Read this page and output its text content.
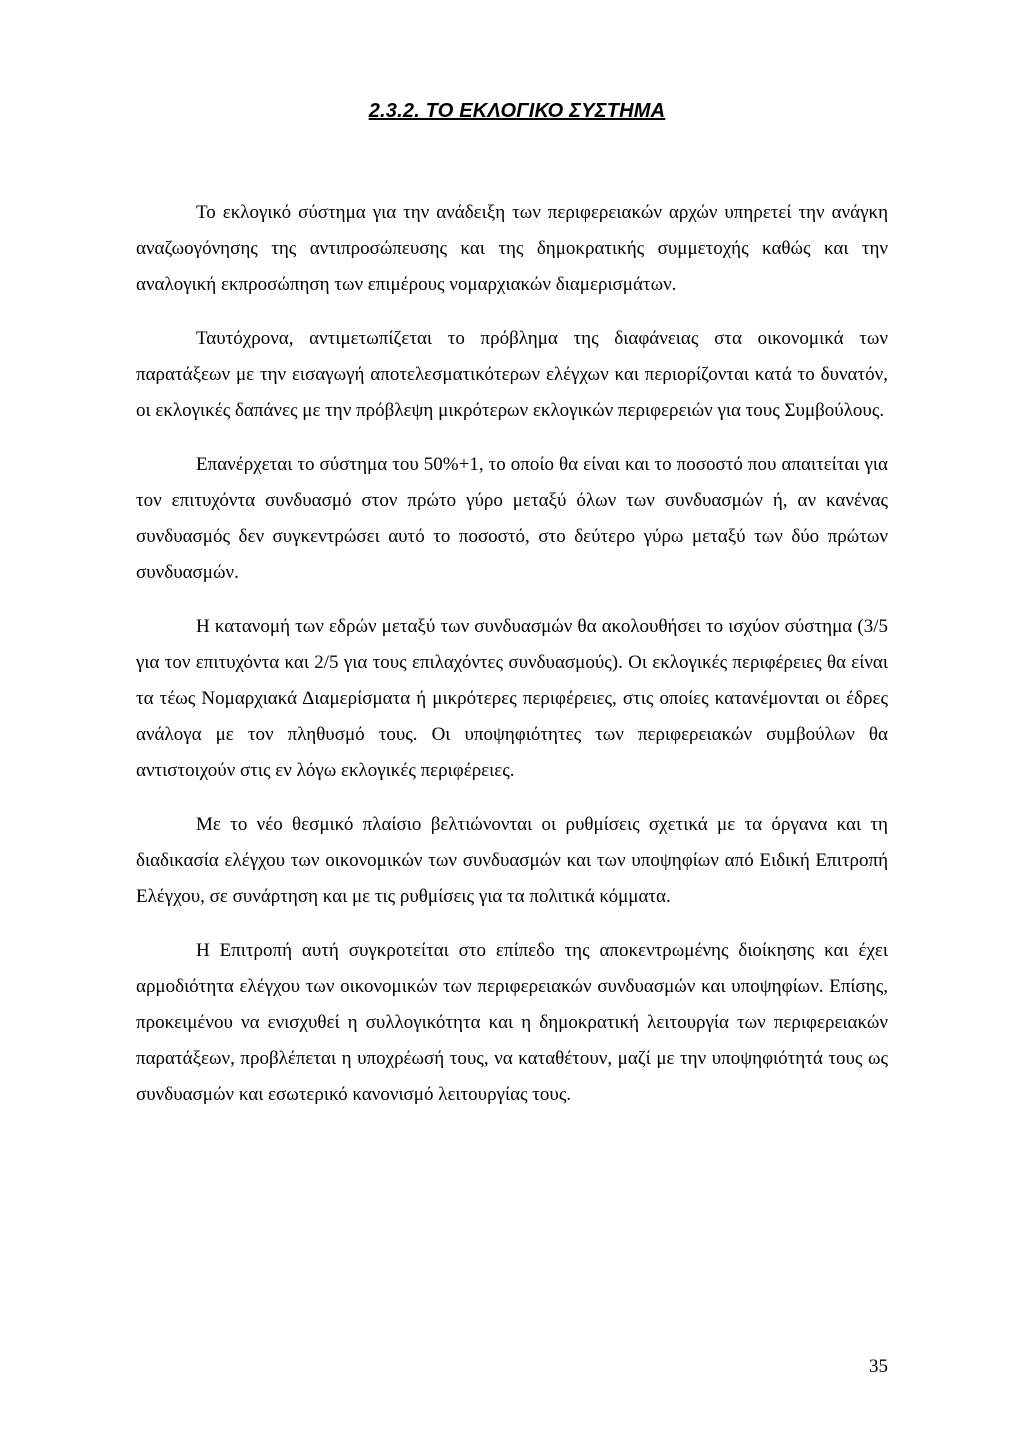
2.3.2. ΤΟ ΕΚΛΟΓΙΚΟ ΣΥΣΤΗΜΑ

Το εκλογικό σύστημα για την ανάδειξη των περιφερειακών αρχών υπηρετεί την ανάγκη αναζωογόνησης της αντιπροσώπευσης και της δημοκρατικής συμμετοχής καθώς και την αναλογική εκπροσώπηση των επιμέρους νομαρχιακών διαμερισμάτων.

Ταυτόχρονα, αντιμετωπίζεται το πρόβλημα της διαφάνειας στα οικονομικά των παρατάξεων με την εισαγωγή αποτελεσματικότερων ελέγχων και περιορίζονται κατά το δυνατόν, οι εκλογικές δαπάνες με την πρόβλεψη μικρότερων εκλογικών περιφερειών για τους Συμβούλους.

Επανέρχεται το σύστημα του 50%+1, το οποίο θα είναι και το ποσοστό που απαιτείται για τον επιτυχόντα συνδυασμό στον πρώτο γύρο μεταξύ όλων των συνδυασμών ή, αν κανένας συνδυασμός δεν συγκεντρώσει αυτό το ποσοστό, στο δεύτερο γύρω μεταξύ των δύο πρώτων συνδυασμών.

Η κατανομή των εδρών μεταξύ των συνδυασμών θα ακολουθήσει το ισχύον σύστημα (3/5 για τον επιτυχόντα και 2/5 για τους επιλαχόντες συνδυασμούς). Οι εκλογικές περιφέρειες θα είναι τα τέως Νομαρχιακά Διαμερίσματα ή μικρότερες περιφέρειες, στις οποίες κατανέμονται οι έδρες ανάλογα με τον πληθυσμό τους. Οι υποψηφιότητες των περιφερειακών συμβούλων θα αντιστοιχούν στις εν λόγω εκλογικές περιφέρειες.

Με το νέο θεσμικό πλαίσιο βελτιώνονται οι ρυθμίσεις σχετικά με τα όργανα και τη διαδικασία ελέγχου των οικονομικών των συνδυασμών και των υποψηφίων από Ειδική Επιτροπή Ελέγχου, σε συνάρτηση και με τις ρυθμίσεις για τα πολιτικά κόμματα.

Η Επιτροπή αυτή συγκροτείται στο επίπεδο της αποκεντρωμένης διοίκησης και έχει αρμοδιότητα ελέγχου των οικονομικών των περιφερειακών συνδυασμών και υποψηφίων. Επίσης, προκειμένου να ενισχυθεί η συλλογικότητα και η δημοκρατική λειτουργία των περιφερειακών παρατάξεων, προβλέπεται η υποχρέωσή τους, να καταθέτουν, μαζί με την υποψηφιότητά τους ως συνδυασμών και εσωτερικό κανονισμό λειτουργίας τους.

35
